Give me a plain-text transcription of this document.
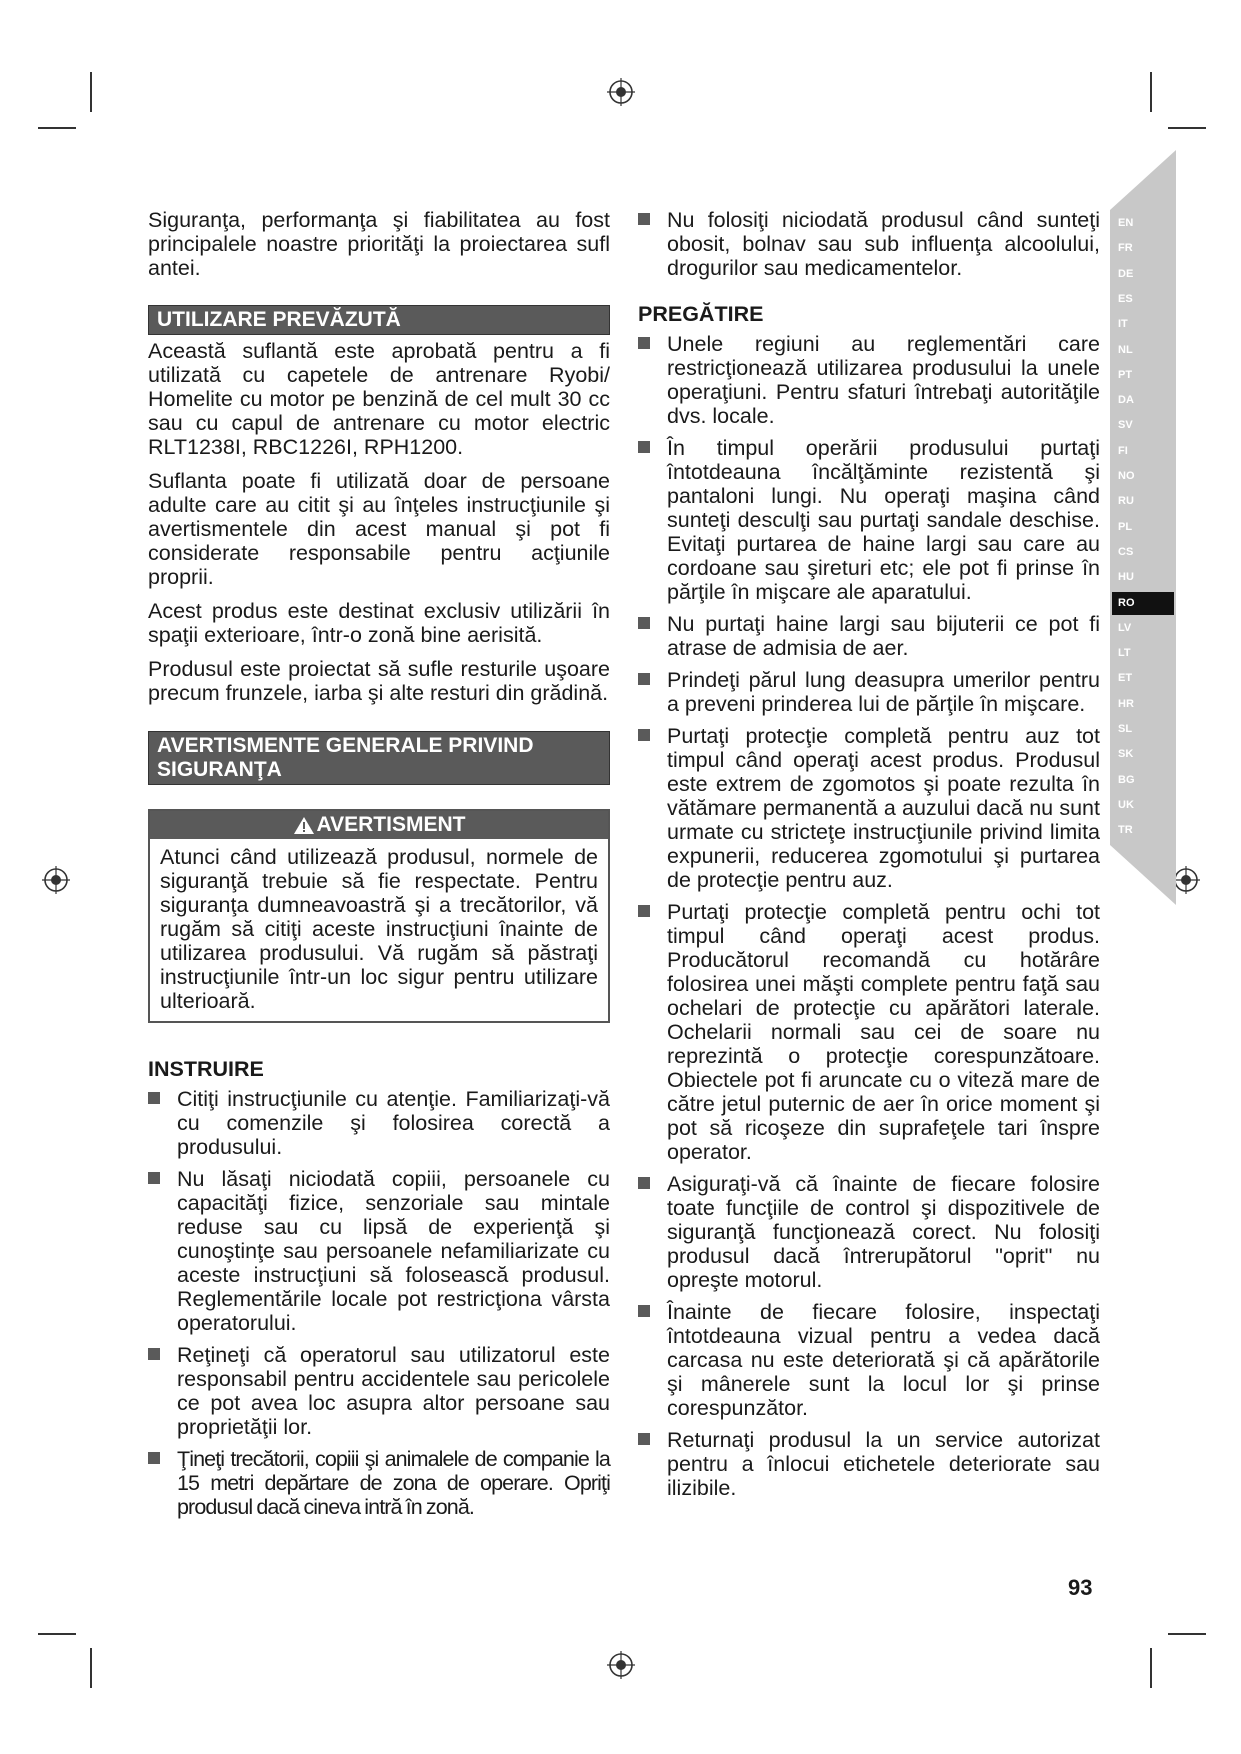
Siguranţa, performanţa şi fiabilitatea au fost principalele noastre priorităţi la proiectarea sufl antei.

UTILIZARE PREVĂZUTĂ

Această suflantă este aprobată pentru a fi utilizată cu capetele de antrenare Ryobi/ Homelite cu motor pe benzină de cel mult 30 cc sau cu capul de antrenare cu motor electric RLT1238I, RBC1226I, RPH1200.

Suflanta poate fi utilizată doar de persoane adulte care au citit şi au înţeles instrucţiunile şi avertismentele din acest manual şi pot fi considerate responsabile pentru acţiunile proprii.

Acest produs este destinat exclusiv utilizării în spaţii exterioare, într-o zonă bine aerisită.

Produsul este proiectat să sufle resturile uşoare precum frunzele, iarba şi alte resturi din grădină.

AVERTISMENTE GENERALE PRIVIND SIGURANŢA
AVERTISMENT
Atunci când utilizează produsul, normele de siguranţă trebuie să fie respectate. Pentru siguranţa dumneavoastră şi a trecătorilor, vă rugăm să citiţi aceste instrucţiuni înainte de utilizarea produsului. Vă rugăm să păstraţi instrucţiunile într-un loc sigur pentru utilizare ulterioară.
INSTRUIRE
Citiţi instrucţiunile cu atenţie. Familiarizaţi-vă cu comenzile şi folosirea corectă a produsului.
Nu lăsaţi niciodată copiii, persoanele cu capacităţi fizice, senzoriale sau mintale reduse sau cu lipsă de experienţă şi cunoştinţe sau persoanele nefamiliarizate cu aceste instrucţiuni să folosească produsul. Reglementările locale pot restricţiona vârsta operatorului.
Reţineţi că operatorul sau utilizatorul este responsabil pentru accidentele sau pericolele ce pot avea loc asupra altor persoane sau proprietăţii lor.
Ţineţi trecătorii, copiii şi animalele de companie la 15 metri depărtare de zona de operare. Opriţi produsul dacă cineva intră în zonă.
Nu folosiţi niciodată produsul când sunteţi obosit, bolnav sau sub influenţa alcoolului, drogurilor sau medicamentelor.
PREGĂTIRE
Unele regiuni au reglementări care restricţionează utilizarea produsului la unele operaţiuni. Pentru sfaturi întrebaţi autorităţile dvs. locale.
În timpul operării produsului purtaţi întotdeauna încălţăminte rezistentă şi pantaloni lungi. Nu operaţi maşina când sunteţi desculţi sau purtaţi sandale deschise. Evitaţi purtarea de haine largi sau care au cordoane sau şireturi etc; ele pot fi prinse în părţile în mişcare ale aparatului.
Nu purtaţi haine largi sau bijuterii ce pot fi atrase de admisia de aer.
Prindeţi părul lung deasupra umerilor pentru a preveni prinderea lui de părţile în mişcare.
Purtaţi protecţie completă pentru auz tot timpul când operaţi acest produs. Produsul este extrem de zgomotos şi poate rezulta în vătămare permanentă a auzului dacă nu sunt urmate cu stricteţe instrucţiunile privind limita expunerii, reducerea zgomotului şi purtarea de protecţie pentru auz.
Purtaţi protecţie completă pentru ochi tot timpul când operaţi acest produs. Producătorul recomandă cu hotărâre folosirea unei măşti complete pentru faţă sau ochelari de protecţie cu apărători laterale. Ochelarii normali sau cei de soare nu reprezintă o protecţie corespunzătoare. Obiectele pot fi aruncate cu o viteză mare de către jetul puternic de aer în orice moment şi pot să ricoşeze din suprafeţele tari înspre operator.
Asiguraţi-vă că înainte de fiecare folosire toate funcţiile de control şi dispozitivele de siguranţă funcţionează corect. Nu folosiţi produsul dacă întrerupătorul "oprit" nu opreşte motorul.
Înainte de fiecare folosire, inspectaţi întotdeauna vizual pentru a vedea dacă carcasa nu este deteriorată şi că apărătorile şi mânerele sunt la locul lor şi prinse corespunzător.
Returnaţi produsul la un service autorizat pentru a înlocui etichetele deteriorate sau ilizibile.
EN
FR
DE
ES
IT
NL
PT
DA
SV
FI
NO
RU
PL
CS
HU
RO
LV
LT
ET
HR
SL
SK
BG
UK
TR
93
